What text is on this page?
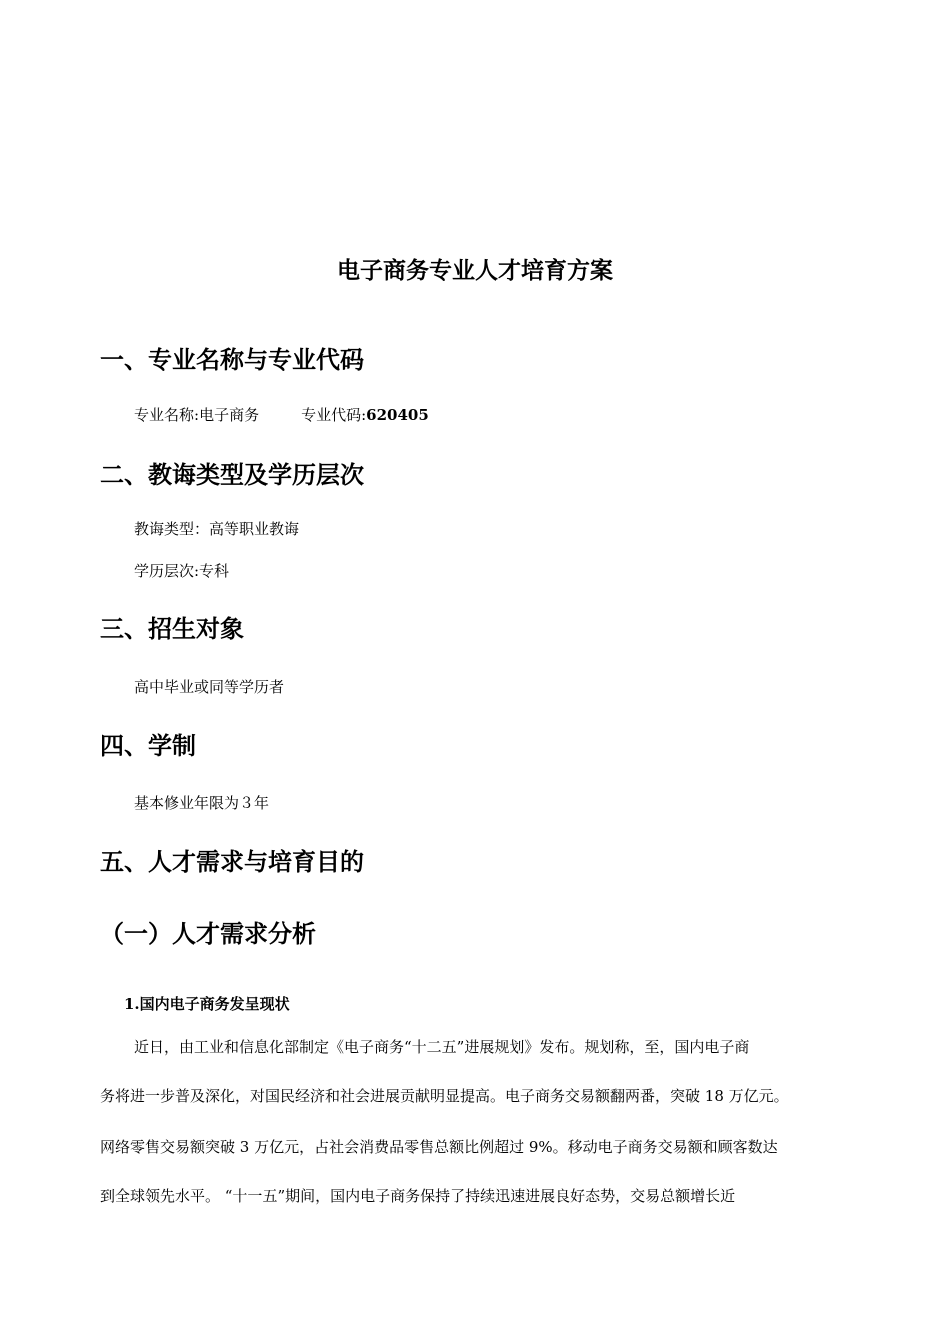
电子商务专业人才培育方案
一、专业名称与专业代码

专业名称:电子商务	专业代码:620405

二、教诲类型及学历层次

教诲类型：高等职业教诲

学历层次:专科

三、招生对象

高中毕业或同等学历者

四、学制

基本修业年限为３年

五、人才需求与培育目的
（一）人才需求分析
1.国内电子商务发呈现状

近日，由工业和信息化部制定《电子商务“十二五”进展规划》发布。规划称，至，国内电子商

务将进一步普及深化，对国民经济和社会进展贡献明显提高。电子商务交易额翻两番，突破 18 万亿元。

网络零售交易额突破 3 万亿元，占社会消费品零售总额比例超过 9%。移动电子商务交易额和顾客数达

到全球领先水平。 “十一五”期间，国内电子商务保持了持续迅速进展良好态势，交易总额增长近
